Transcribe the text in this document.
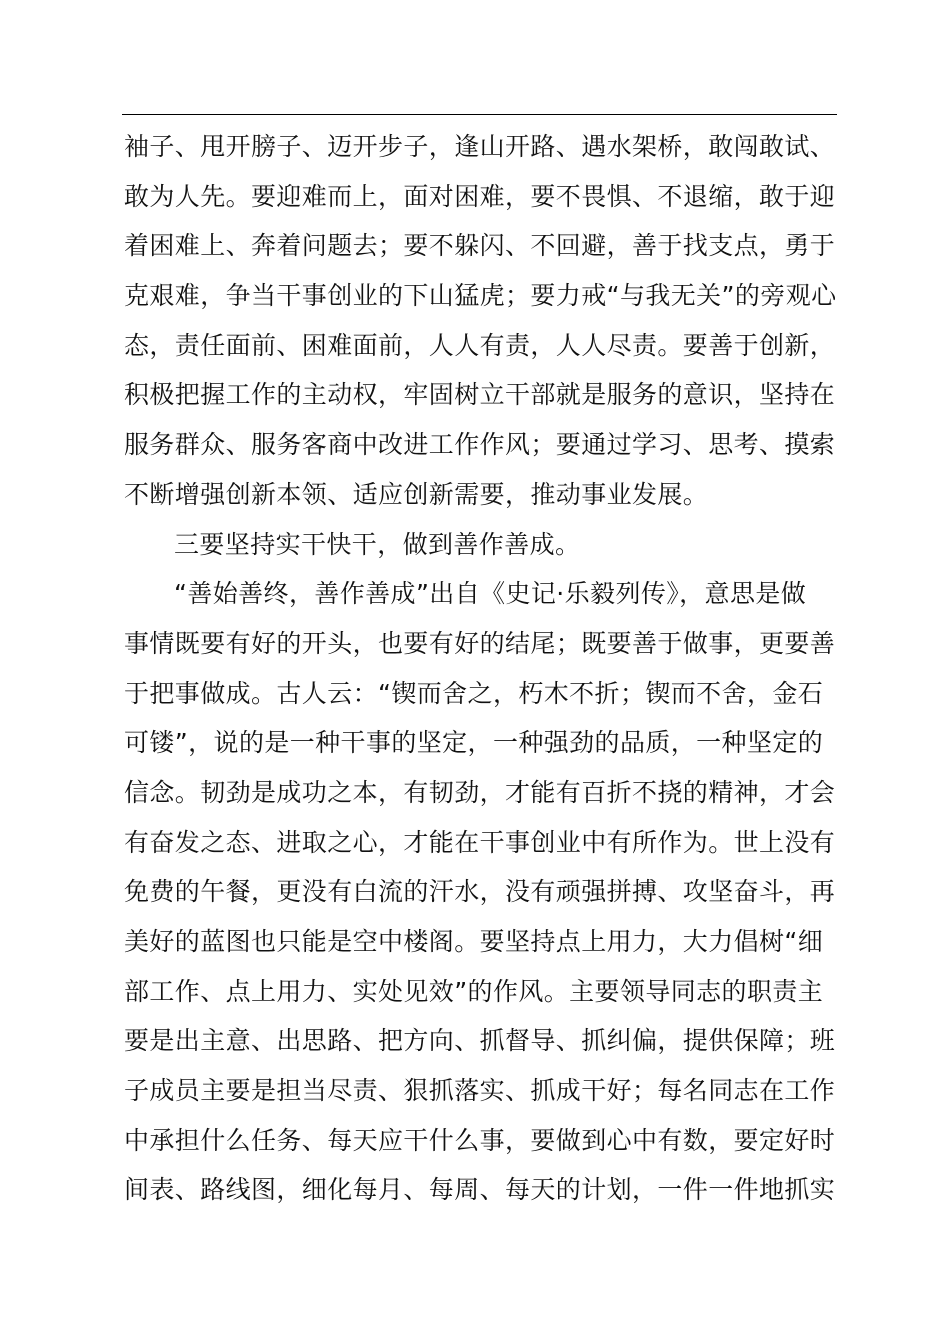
袖子、甩开膀子、迈开步子，逢山开路、遇水架桥，敢闯敢试、
敢为人先。要迎难而上，面对困难，要不畏惧、不退缩，敢于迎
着困难上、奔着问题去；要不躲闪、不回避，善于找支点，勇于
克艰难，争当干事创业的下山猛虎；要力戒“与我无关”的旁观心
态，责任面前、困难面前，人人有责，人人尽责。要善于创新，
积极把握工作的主动权，牢固树立干部就是服务的意识，坚持在
服务群众、服务客商中改进工作作风；要通过学习、思考、摸索
不断增强创新本领、适应创新需要，推动事业发展。
三要坚持实干快干，做到善作善成。
“善始善终，善作善成”出自《史记·乐毅列传》，意思是做
事情既要有好的开头，也要有好的结尾；既要善于做事，更要善
于把事做成。古人云：“锲而舍之，朽木不折；锲而不舍，金石
可镂”，说的是一种干事的坚定，一种强劲的品质，一种坚定的
信念。韧劲是成功之本，有韧劲，才能有百折不挠的精神，才会
有奋发之态、进取之心，才能在干事创业中有所作为。世上没有
免费的午餐，更没有白流的汗水，没有顽强拼搏、攻坚奋斗，再
美好的蓝图也只能是空中楼阁。要坚持点上用力，大力倡树“细
部工作、点上用力、实处见效”的作风。主要领导同志的职责主
要是出主意、出思路、把方向、抓督导、抓纠偏，提供保障；班
子成员主要是担当尽责、狠抓落实、抓成干好；每名同志在工作
中承担什么任务、每天应干什么事，要做到心中有数，要定好时
间表、路线图，细化每月、每周、每天的计划，一件一件地抓实
